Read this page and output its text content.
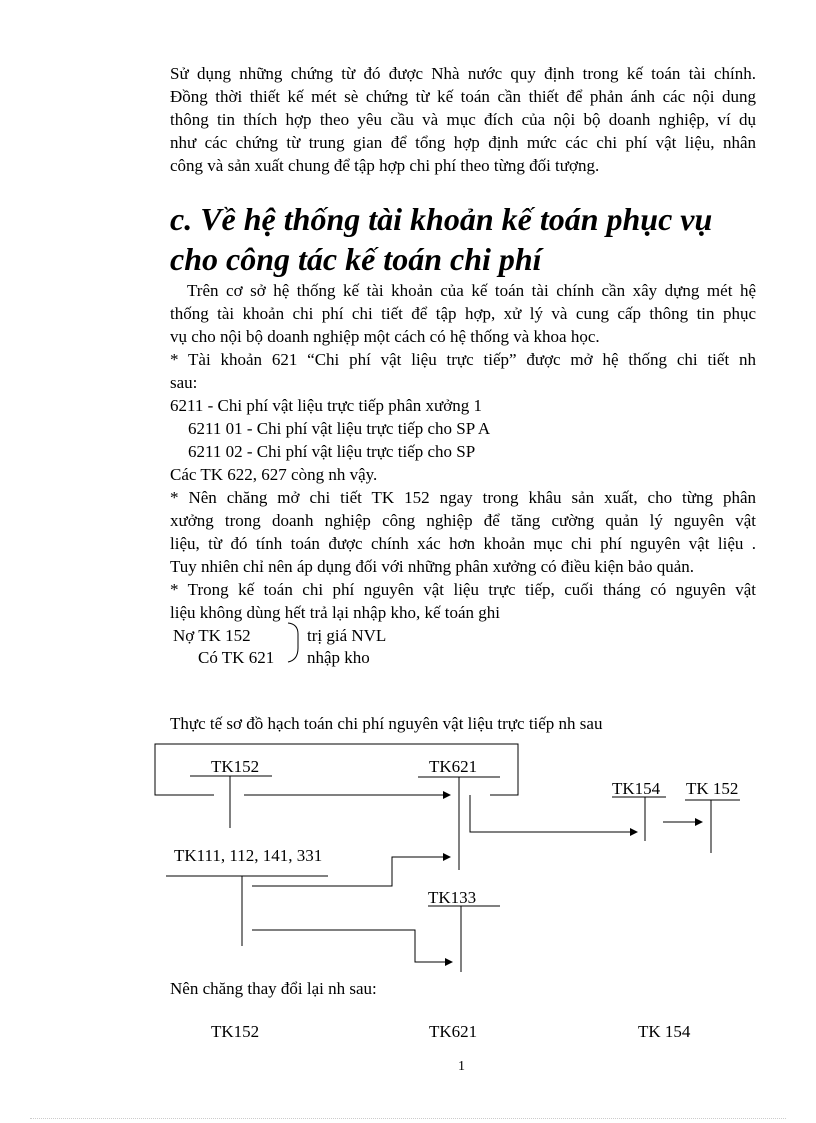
Sử dụng những chứng từ đó được Nhà nước quy định trong kế toán tài chính.
Đồng thời thiết kế mét sè chứng từ kế toán cần thiết để phản ánh các nội dung
thông tin thích hợp theo yêu cầu và mục đích của nội bộ doanh nghiệp, ví dụ
như các chứng từ trung gian để tổng hợp định mức các chi phí vật liệu, nhân
công và sản xuất chung để tập hợp chi phí theo từng đối tượng.
c. Về hệ thống tài khoản kế toán phục vụ
cho công tác kế toán chi phí
Trên cơ sở hệ thống kế tài khoản của kế toán tài chính cần xây dựng mét hệ
thống tài khoản chi phí chi tiết để tập hợp, xử lý và cung cấp thông tin phục
vụ cho nội bộ doanh nghiệp một cách có hệ thống và khoa học.
* Tài khoản 621 “Chi phí vật liệu trực tiếp” được mở hệ thống chi tiết nh
sau:
6211 - Chi phí vật liệu trực tiếp phân xưởng 1
6211 01 - Chi phí vật liệu trực tiếp cho SP A
6211 02 - Chi phí vật liệu trực tiếp cho SP
Các TK 622, 627 còng nh vậy.
* Nên chăng mở chi tiết TK 152 ngay trong khâu sản xuất, cho từng phân
xưởng trong doanh nghiệp công nghiệp để tăng cường quản lý nguyên vật
liệu, từ đó tính toán được chính xác hơn khoản mục chi phí nguyên vật liệu .
Tuy nhiên chỉ nên áp dụng đối với những phân xưởng có điều kiện bảo quản.
* Trong kế toán chi phí nguyên vật liệu trực tiếp, cuối tháng có nguyên vật
liệu không dùng hết trả lại nhập kho, kế toán ghi
Nợ TK 152
Có TK 621
trị giá NVL
nhập kho
Thực tế sơ đồ hạch toán chi phí nguyên vật liệu trực tiếp nh sau
TK152	TK621
TK154 TK 152
TK111, 112, 141, 331
TK133
Nên chăng thay đổi lại nh sau:
TK152	TK621	TK 154
1
